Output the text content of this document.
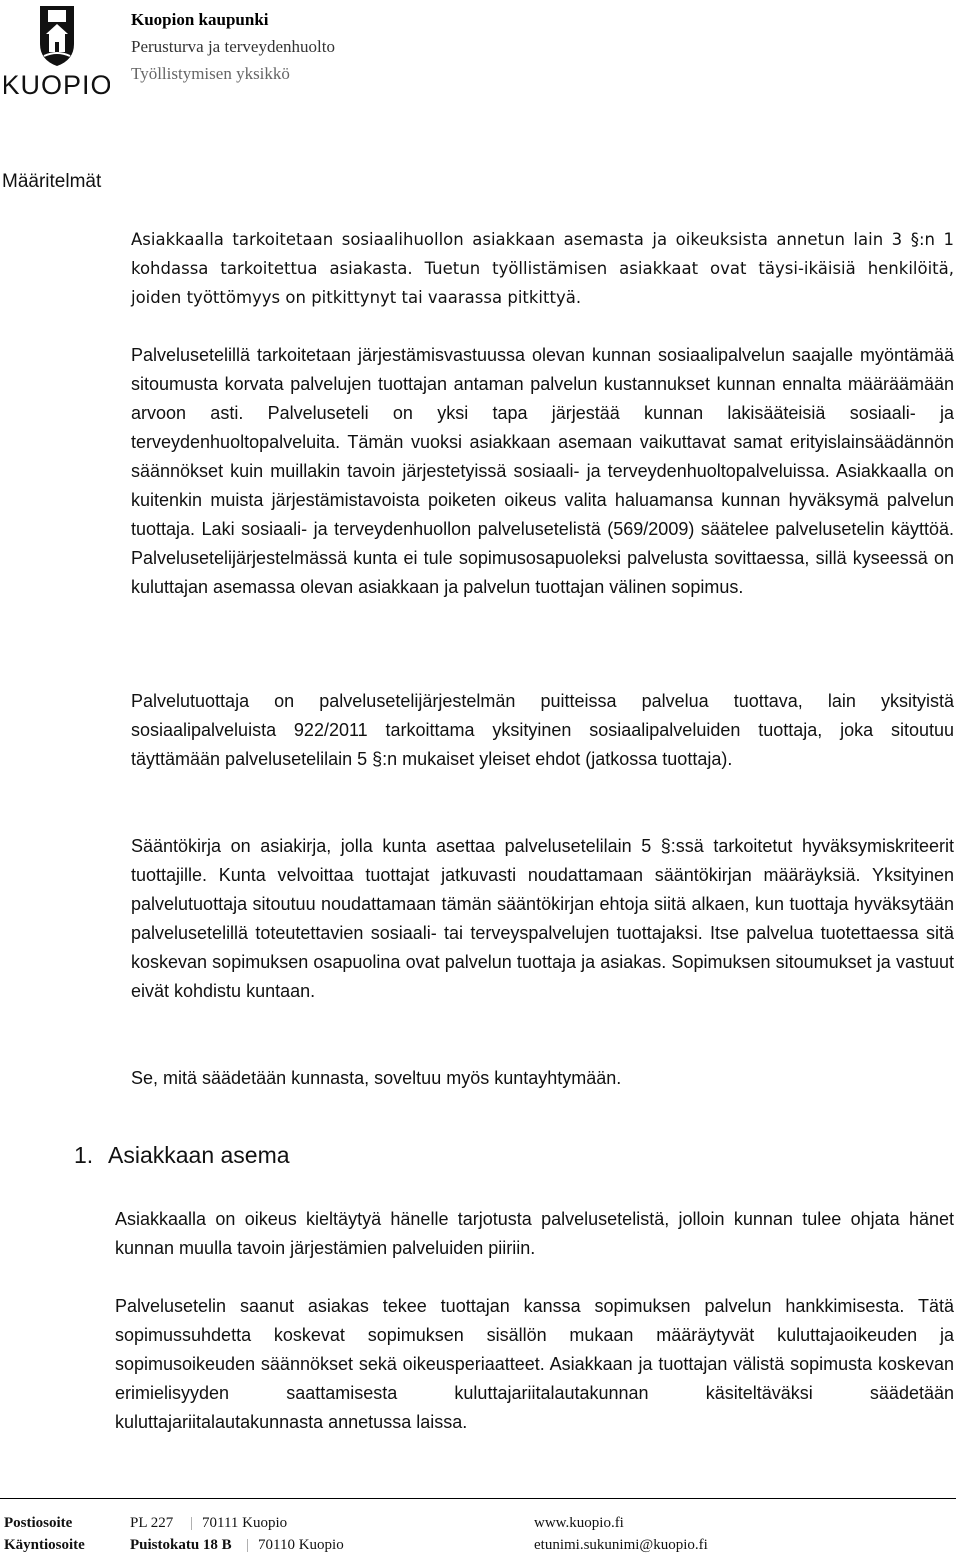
KUOPIO
Kuopion kaupunki
Perusturva ja terveydenhuolto
Työllistymisen yksikkö
Määritelmät

Asiakkaalla tarkoitetaan sosiaalihuollon asiakkaan asemasta ja oikeuksista annetun lain 3 §:n 1 kohdassa tarkoitettua asiakasta. Tuetun työllistämisen asiakkaat ovat täysi-ikäisiä henkilöitä, joiden työttömyys on pitkittynyt tai vaarassa pitkittyä.

Palvelusetelillä tarkoitetaan järjestämisvastuussa olevan kunnan sosiaalipalvelun saajalle myöntämää sitoumusta korvata palvelujen tuottajan antaman palvelun kustannukset kunnan ennalta määräämään arvoon asti. Palveluseteli on yksi tapa järjestää kunnan lakisääteisiä sosiaali- ja terveydenhuoltopalveluita. Tämän vuoksi asiakkaan asemaan vaikuttavat samat erityislainsäädännön säännökset kuin muillakin tavoin järjestetyissä sosiaali- ja terveydenhuoltopalveluissa. Asiakkaalla on kuitenkin muista järjestämistavoista poiketen oikeus valita haluamansa kunnan hyväksymä palvelun tuottaja. Laki sosiaali- ja terveydenhuollon palvelusetelistä (569/2009) säätelee palvelusetelin käyttöä. Palvelusetelijärjestelmässä kunta ei tule sopimusosapuoleksi palvelusta sovittaessa, sillä kyseessä on kuluttajan asemassa olevan asiakkaan ja palvelun tuottajan välinen sopimus.

Palvelutuottaja on palvelusetelijärjestelmän puitteissa palvelua tuottava, lain yksityistä sosiaalipalveluista 922/2011 tarkoittama yksityinen sosiaalipalveluiden tuottaja, joka sitoutuu täyttämään palvelusetelilain 5 §:n mukaiset yleiset ehdot (jatkossa tuottaja).

Sääntökirja on asiakirja, jolla kunta asettaa palvelusetelilain 5 §:ssä tarkoitetut hyväksymiskriteerit tuottajille. Kunta velvoittaa tuottajat jatkuvasti noudattamaan sääntökirjan määräyksiä. Yksityinen palvelutuottaja sitoutuu noudattamaan tämän sääntökirjan ehtoja siitä alkaen, kun tuottaja hyväksytään palvelusetelillä toteutettavien sosiaali- tai terveyspalvelujen tuottajaksi. Itse palvelua tuotettaessa sitä koskevan sopimuksen osapuolina ovat palvelun tuottaja ja asiakas. Sopimuksen sitoumukset ja vastuut eivät kohdistu kuntaan.

Se, mitä säädetään kunnasta, soveltuu myös kuntayhtymään.

1. Asiakkaan asema

Asiakkaalla on oikeus kieltäytyä hänelle tarjotusta palvelusetelistä, jolloin kunnan tulee ohjata hänet kunnan muulla tavoin järjestämien palveluiden piiriin.

Palvelusetelin saanut asiakas tekee tuottajan kanssa sopimuksen palvelun hankkimisesta. Tätä sopimussuhdetta koskevat sopimuksen sisällön mukaan määräytyvät kuluttajaoikeuden ja sopimusoikeuden säännökset sekä oikeusperiaatteet. Asiakkaan ja tuottajan välistä sopimusta koskevan erimielisyyden saattamisesta kuluttajariitalautakunnan käsiteltäväksi säädetään kuluttajariitalautakunnasta annetussa laissa.

Postiosoite	PL 227 | 70111 Kuopio	www.kuopio.fi
Käyntiosoite	Puistokatu 18 B | 70110 Kuopio	etunimi.sukunimi@kuopio.fi
